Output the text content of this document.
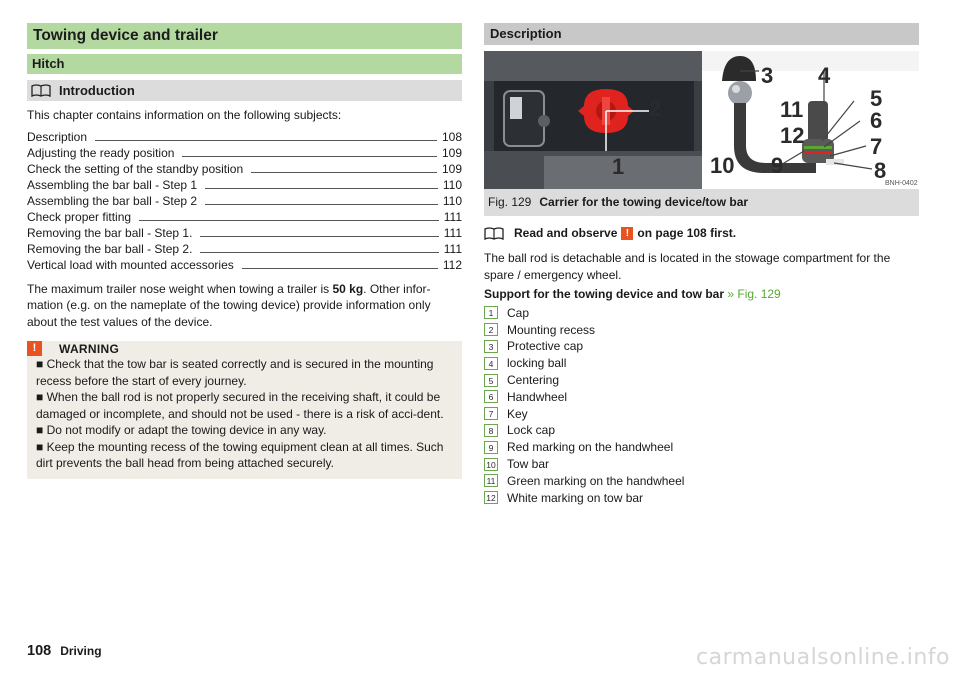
Towing device and trailer
Hitch
Introduction

This chapter contains information on the following subjects:

Description	108
Adjusting the ready position	109
Check the setting of the standby position	109
Assembling the bar ball - Step 1	110
Assembling the bar ball - Step 2	110
Check proper fitting	111
Removing the bar ball - Step 1.	111
Removing the bar ball - Step 2.	111
Vertical load with mounted accessories	112

The maximum trailer nose weight when towing a trailer is 50 kg. Other infor-
mation (e.g. on the nameplate of the towing device) provide information only
about the test values of the device.

!	WARNING
■ Check that the tow bar is seated correctly and is secured in the mounting recess before the start of every journey.
■ When the ball rod is not properly secured in the receiving shaft, it could be damaged or incomplete, and should not be used - there is a risk of acci-dent.
■ Do not modify or adapt the towing device in any way.
■ Keep the mounting recess of the towing equipment clean at all times. Such dirt prevents the ball head from being attached securely.
Description
1
2
3 4
5
6
7
8
9
10
11
12
BNH-0402
Fig. 129 Carrier for the towing device/tow bar
Read and observe ! on page 108 first.

The ball rod is detachable and is located in the stowage compartment for the
spare / emergency wheel.

Support for the towing device and tow bar » Fig. 129
1	Cap
2	Mounting recess
3	Protective cap
4	locking ball
5	Centering
6	Handwheel
7	Key
8	Lock cap
9	Red marking on the handwheel
10 Tow bar
11 Green marking on the handwheel
12 White marking on tow bar
108 Driving	carmanualsonline.info
